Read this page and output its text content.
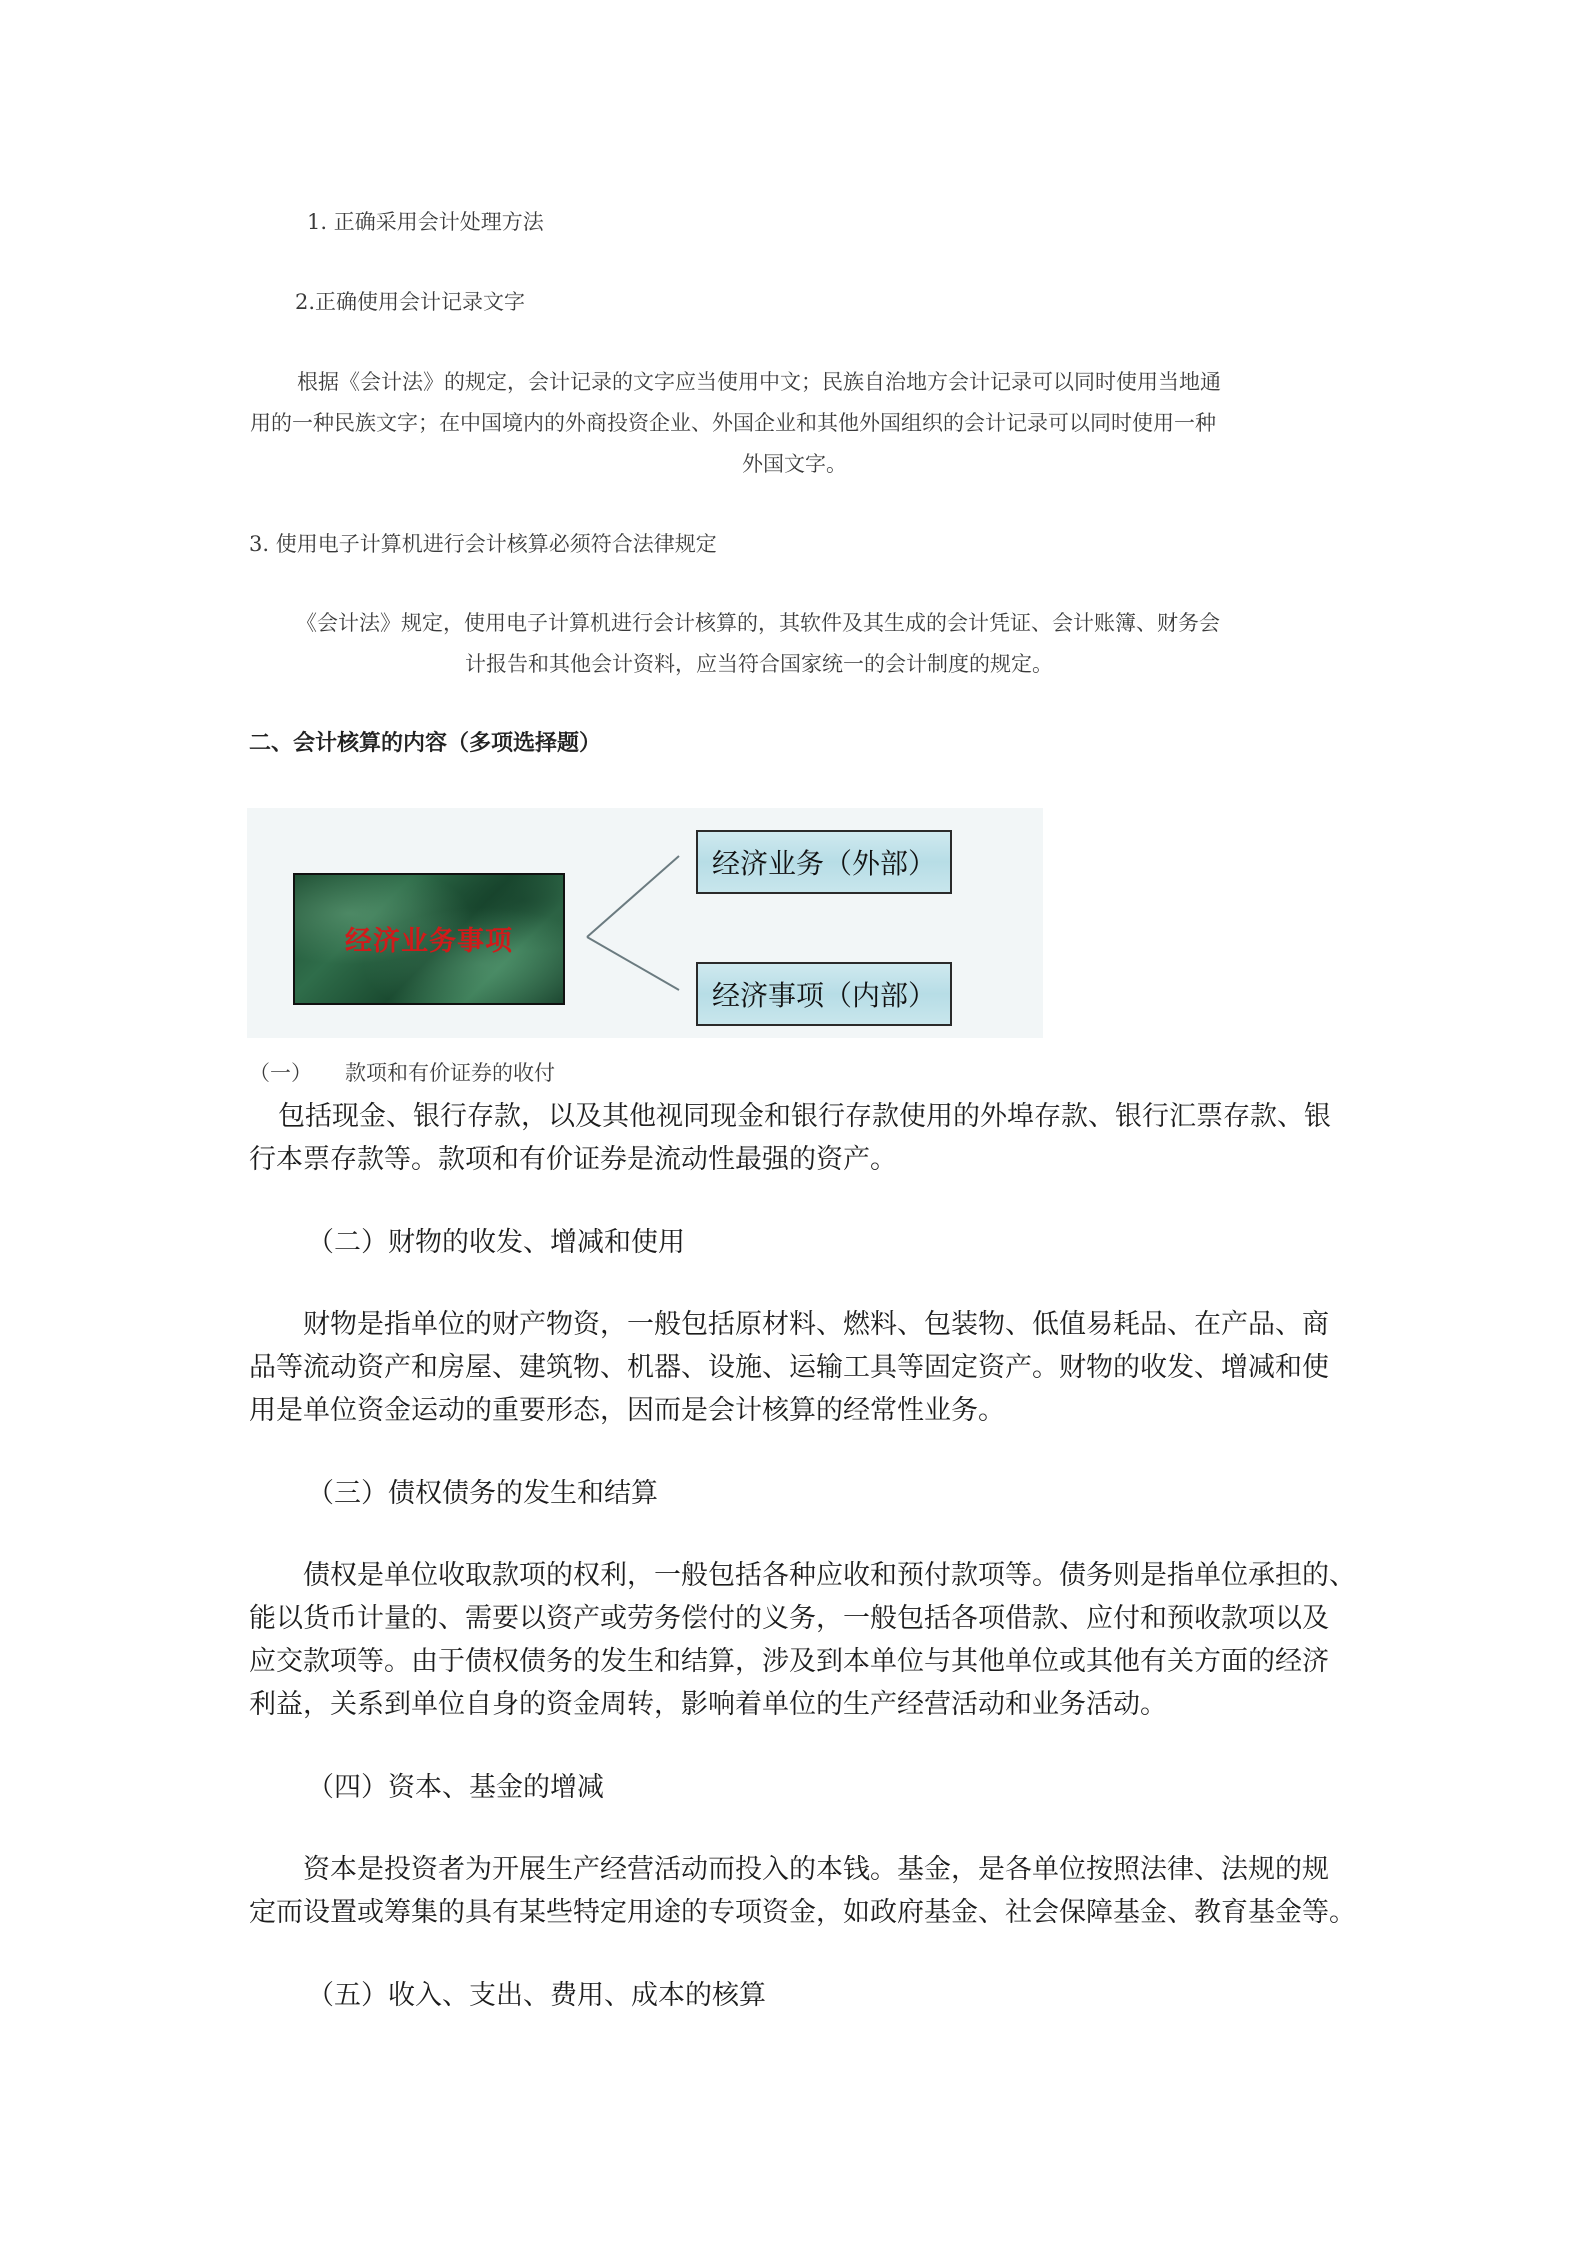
1. 正确采用会计处理方法
2.正确使用会计记录文字
根据《会计法》的规定，会计记录的文字应当使用中文；民族自治地方会计记录可以同时使用当地通
用的一种民族文字；在中国境内的外商投资企业、外国企业和其他外国组织的会计记录可以同时使用一种
外国文字。
3. 使用电子计算机进行会计核算必须符合法律规定
《会计法》规定，使用电子计算机进行会计核算的，其软件及其生成的会计凭证、会计账簿、财务会
计报告和其他会计资料，应当符合国家统一的会计制度的规定。
二、会计核算的内容（多项选择题）
经济业务事项
经济业务（外部）
经济事项（内部）
（一） 款项和有价证券的收付
包括现金、银行存款，以及其他视同现金和银行存款使用的外埠存款、银行汇票存款、银
行本票存款等。款项和有价证券是流动性最强的资产。
（二）财物的收发、增减和使用
财物是指单位的财产物资，一般包括原材料、燃料、包装物、低值易耗品、在产品、商
品等流动资产和房屋、建筑物、机器、设施、运输工具等固定资产。财物的收发、增减和使
用是单位资金运动的重要形态，因而是会计核算的经常性业务。
（三）债权债务的发生和结算
债权是单位收取款项的权利，一般包括各种应收和预付款项等。债务则是指单位承担的、
能以货币计量的、需要以资产或劳务偿付的义务，一般包括各项借款、应付和预收款项以及
应交款项等。由于债权债务的发生和结算，涉及到本单位与其他单位或其他有关方面的经济
利益，关系到单位自身的资金周转，影响着单位的生产经营活动和业务活动。
（四）资本、基金的增减
资本是投资者为开展生产经营活动而投入的本钱。基金，是各单位按照法律、法规的规
定而设置或筹集的具有某些特定用途的专项资金，如政府基金、社会保障基金、教育基金等。
（五）收入、支出、费用、成本的核算
